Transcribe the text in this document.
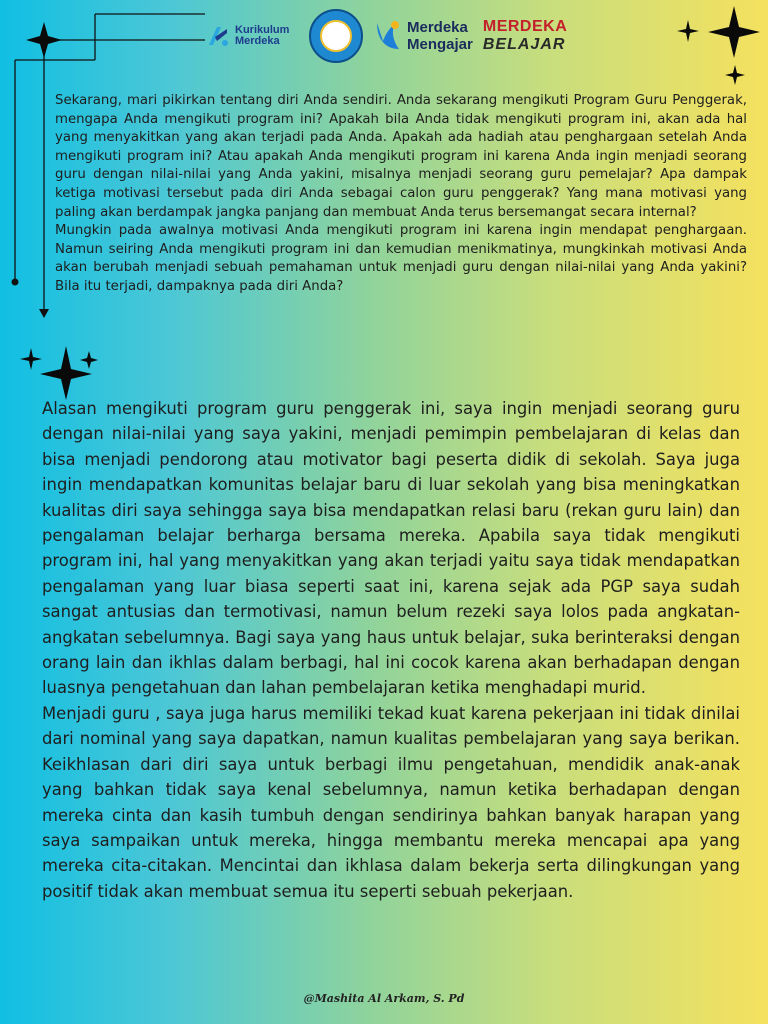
Kurikulum
Merdeka
Merdeka
Mengajar
MERDEKA
BELAJAR

Sekarang, mari pikirkan tentang diri Anda sendiri. Anda sekarang mengikuti Program Guru Penggerak, mengapa Anda mengikuti program ini? Apakah bila Anda tidak mengikuti program ini, akan ada hal yang menyakitkan yang akan terjadi pada Anda. Apakah ada hadiah atau penghargaan setelah Anda mengikuti program ini? Atau apakah Anda mengikuti program ini karena Anda ingin menjadi seorang guru dengan nilai-nilai yang Anda yakini, misalnya menjadi seorang guru pemelajar? Apa dampak ketiga motivasi tersebut pada diri Anda sebagai calon guru penggerak? Yang mana motivasi yang paling akan berdampak jangka panjang dan membuat Anda terus bersemangat secara internal?

Mungkin pada awalnya motivasi Anda mengikuti program ini karena ingin mendapat penghargaan. Namun seiring Anda mengikuti program ini dan kemudian menikmatinya, mungkinkah motivasi Anda akan berubah menjadi sebuah pemahaman untuk menjadi guru dengan nilai-nilai yang Anda yakini? Bila itu terjadi, dampaknya pada diri Anda?

Alasan mengikuti program guru penggerak ini, saya ingin menjadi seorang guru dengan nilai-nilai yang saya yakini, menjadi pemimpin pembelajaran di kelas dan bisa menjadi pendorong atau motivator bagi peserta didik di sekolah. Saya juga ingin mendapatkan komunitas belajar baru di luar sekolah yang bisa meningkatkan kualitas diri saya sehingga saya bisa mendapatkan relasi baru (rekan guru lain) dan pengalaman belajar berharga bersama mereka. Apabila saya tidak mengikuti program ini, hal yang menyakitkan yang akan terjadi yaitu saya tidak mendapatkan pengalaman yang luar biasa seperti saat ini, karena sejak ada PGP saya sudah sangat antusias dan termotivasi, namun belum rezeki saya lolos pada angkatan-angkatan sebelumnya. Bagi saya yang haus untuk belajar, suka berinteraksi dengan orang lain dan ikhlas dalam berbagi, hal ini cocok karena akan berhadapan dengan luasnya pengetahuan dan lahan pembelajaran ketika menghadapi murid.

Menjadi guru , saya juga harus memiliki tekad kuat karena pekerjaan ini tidak dinilai dari nominal yang saya dapatkan, namun kualitas pembelajaran yang saya berikan. Keikhlasan dari diri saya untuk berbagi ilmu pengetahuan, mendidik anak-anak yang bahkan tidak saya kenal sebelumnya, namun ketika berhadapan dengan mereka cinta dan kasih tumbuh dengan sendirinya bahkan banyak harapan yang saya sampaikan untuk mereka, hingga membantu mereka mencapai apa yang mereka cita-citakan. Mencintai dan ikhlasa dalam bekerja serta dilingkungan yang positif tidak akan membuat semua itu seperti sebuah pekerjaan.

@Mashita Al Arkam, S. Pd
